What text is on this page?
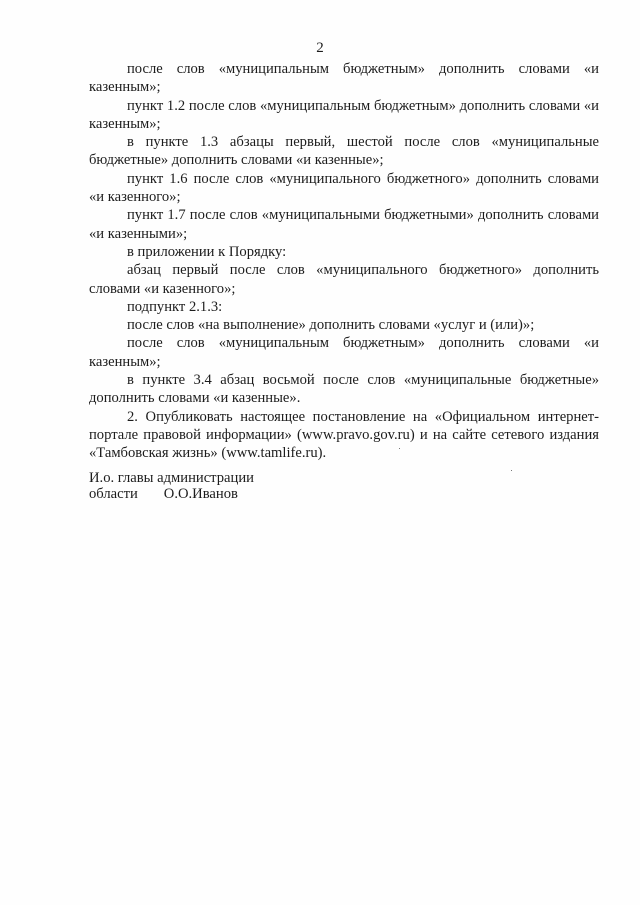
2

после слов «муниципальным бюджетным» дополнить словами «и казенным»;

пункт 1.2 после слов «муниципальным бюджетным» дополнить словами «и казенным»;

в пункте 1.3 абзацы первый, шестой после слов «муниципальные бюджетные» дополнить словами «и казенные»;

пункт 1.6 после слов «муниципального бюджетного» дополнить словами «и казенного»;

пункт 1.7 после слов «муниципальными бюджетными» дополнить словами «и казенными»;

в приложении к Порядку:

абзац первый после слов «муниципального бюджетного» дополнить словами «и казенного»;

подпункт 2.1.3:

после слов «на выполнение» дополнить словами «услуг и (или)»;

после слов «муниципальным бюджетным» дополнить словами «и казенным»;

в пункте 3.4 абзац восьмой после слов «муниципальные бюджетные» дополнить словами «и казенные».

2. Опубликовать настоящее постановление на «Официальном интернет-портале правовой информации» (www.pravo.gov.ru) и на сайте сетевого издания «Тамбовская жизнь» (www.tamlife.ru).

И.о. главы администрации
области О.О.Иванов
